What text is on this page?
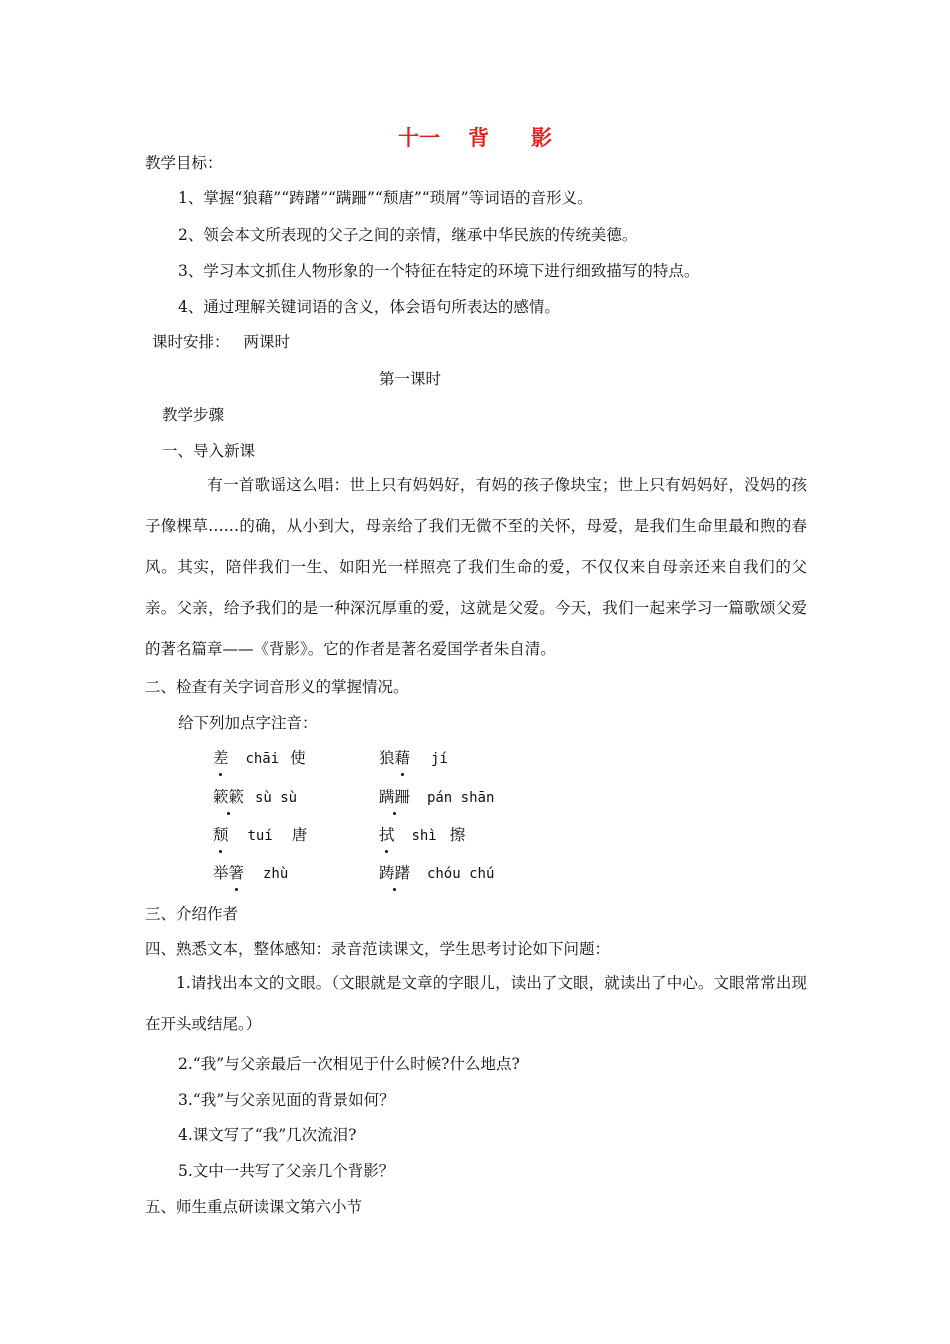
十一 背 影
教学目标：
1、掌握“狼藉”“踌躇”“蹒跚”“颓唐”“琐屑”等词语的音形义。
2、领会本文所表现的父子之间的亲情，继承中华民族的传统美德。
3、学习本文抓住人物形象的一个特征在特定的环境下进行细致描写的特点。
4、通过理解关键词语的含义，体会语句所表达的感情。
课时安排： 两课时
第一课时
教学步骤
一、导入新课
有一首歌谣这么唱：世上只有妈妈好，有妈的孩子像块宝；世上只有妈妈好，没妈的孩子像棵草……的确，从小到大，母亲给了我们无微不至的关怀，母爱，是我们生命里最和煦的春风。其实，陪伴我们一生、如阳光一样照亮了我们生命的爱，不仅仅来自母亲还来自我们的父亲。父亲，给予我们的是一种深沉厚重的爱，这就是父爱。今天，我们一起来学习一篇歌颂父爱的著名篇章——《背影》。它的作者是著名爱国学者朱自清。
二、检查有关字词音形义的掌握情况。
给下列加点字注音：
差 chāi 使	狼藉 jí
簌簌 sù sù	蹒跚 pán shān
颓 tuí 唐	拭 shì 擦
举箸 zhù	踌躇 chóu chú
三、介绍作者
四、熟悉文本，整体感知：录音范读课文，学生思考讨论如下问题：
1.请找出本文的文眼。（文眼就是文章的字眼儿，读出了文眼，就读出了中心。文眼常常出现在开头或结尾。）
2.“我”与父亲最后一次相见于什么时候?什么地点?
3.“我”与父亲见面的背景如何？
4.课文写了“我”几次流泪?
5.文中一共写了父亲几个背影？
五、师生重点研读课文第六小节
